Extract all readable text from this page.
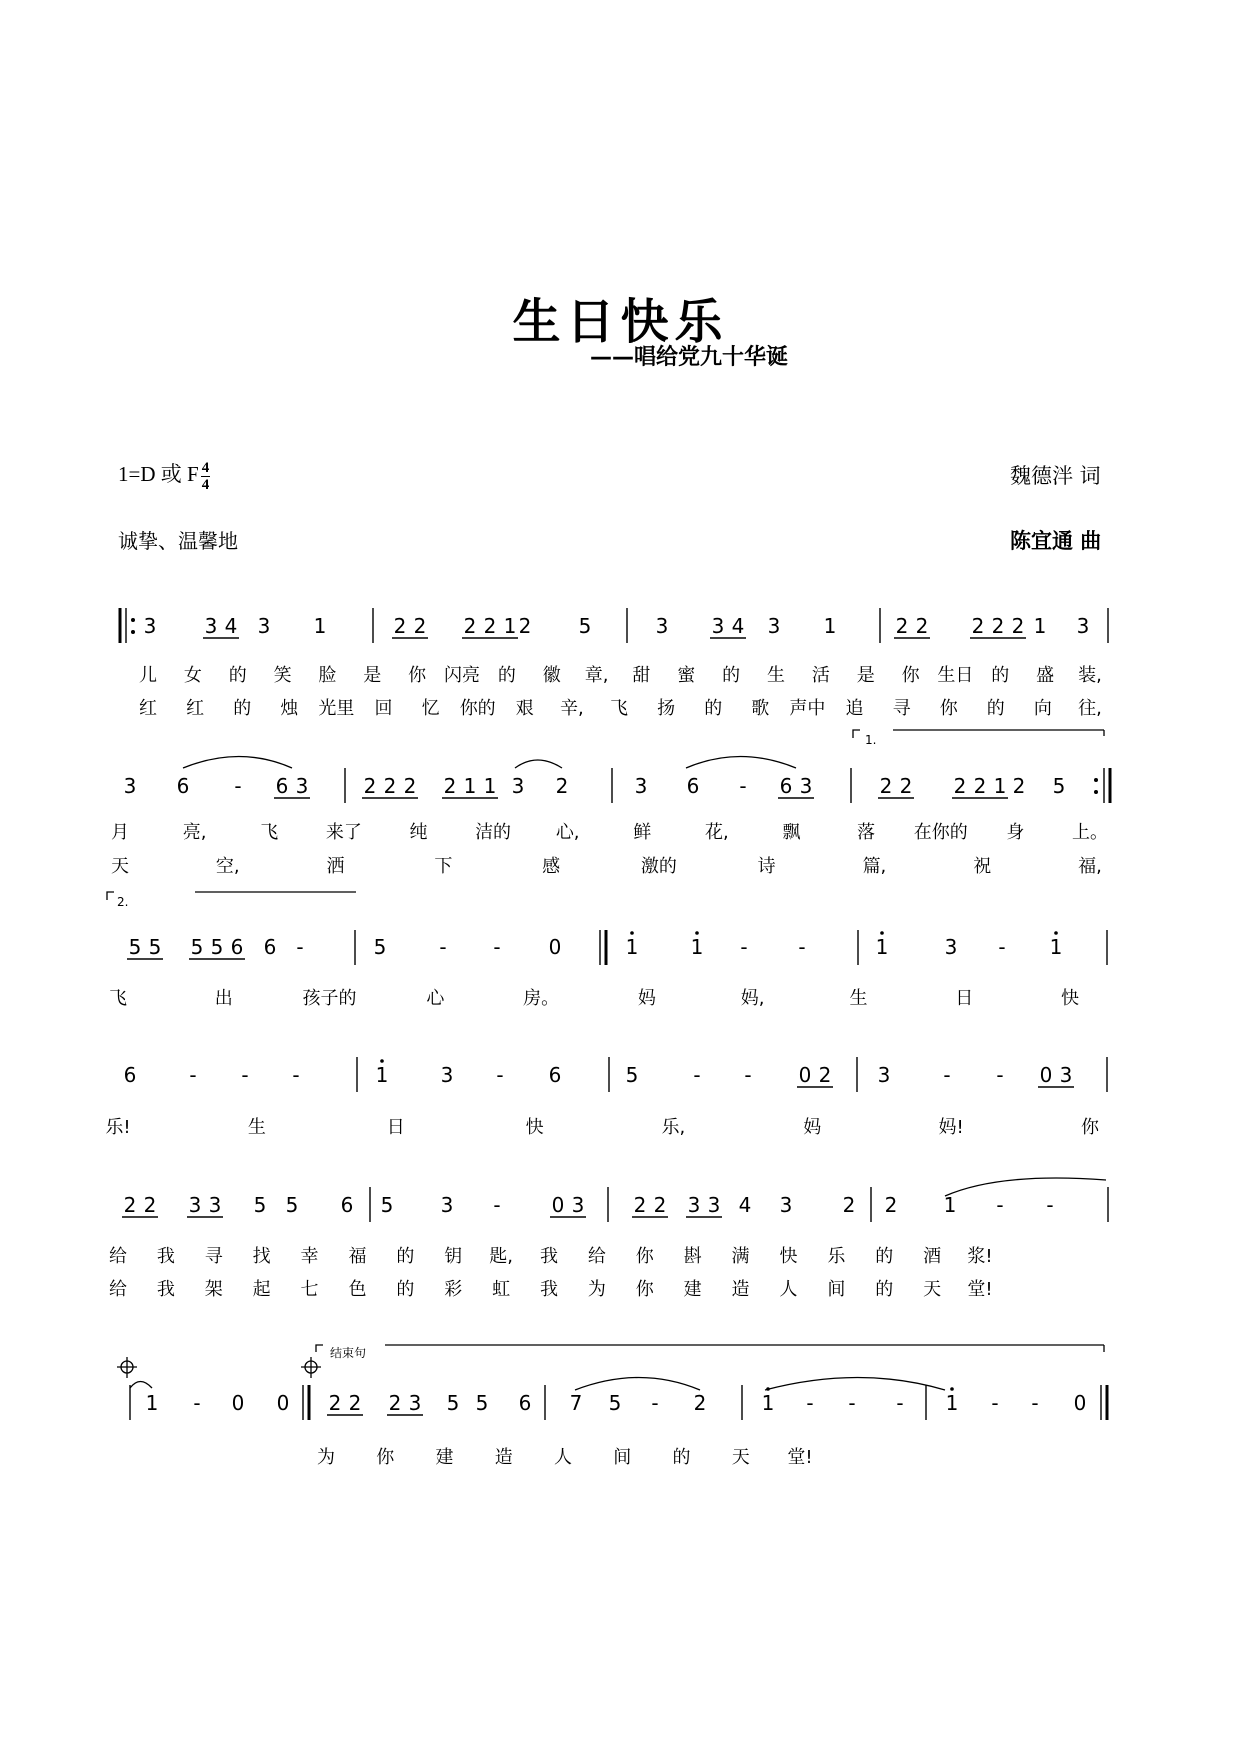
生日快乐
——唱给党九十华诞
1=D 或 F $\frac{4}{4}$	魏德泮 词
诚挚、温馨地	陈宜通 曲
3 3 4 3 1	2 2 2 2 1 2 5	3 3 4 3 1	2 2 2 2 2 1 3
3 6 - 6 3	2 2 2 2 1 1 3 2	3 6 - 6 3	2 2 2 2 1 2 5
5 5 5 5 6 6 -	5	- - 0	1	1 -	-	1	3 - 1
6	- - -	1	3 - 6	5	- - 0 2 3	- - 0 3
2 2 3 3 5 5 6 5 3 -	0 3 2 2 3 3 4 3	2 2 1 - -
1 - 0 0 2 2 2 3 5 5 6 7 5 - 2	1 - - - 1 - - 0
儿 女 的 笑 脸 是 你 闪亮 的 徽 章, 甜 蜜 的 生 活 是 你 生日 的 盛 装,
红 红 的 烛 光里 回 忆 你的 艰 辛, 飞 扬 的 歌 声中 追 寻 你 的 向 往,
月	亮,	飞	来了	纯	洁的 心,	鲜	花,	飘	落 在你的 身	上。
天	空,	洒	下	感	激的	诗	篇,	祝	福,
飞	出	孩子的	心	房。	妈	妈,	生	日	快
乐!	生	日	快	乐,	妈	妈!	你
给 我 寻 找 幸 福 的 钥 匙, 我 给 你 斟 满 快 乐 的 酒 浆!
给 我 架 起 七 色 的 彩 虹 我 为 你 建 造 人 间 的 天 堂!
为 你 建 造 人 间 的 天 堂!
1.
2.
结束句
